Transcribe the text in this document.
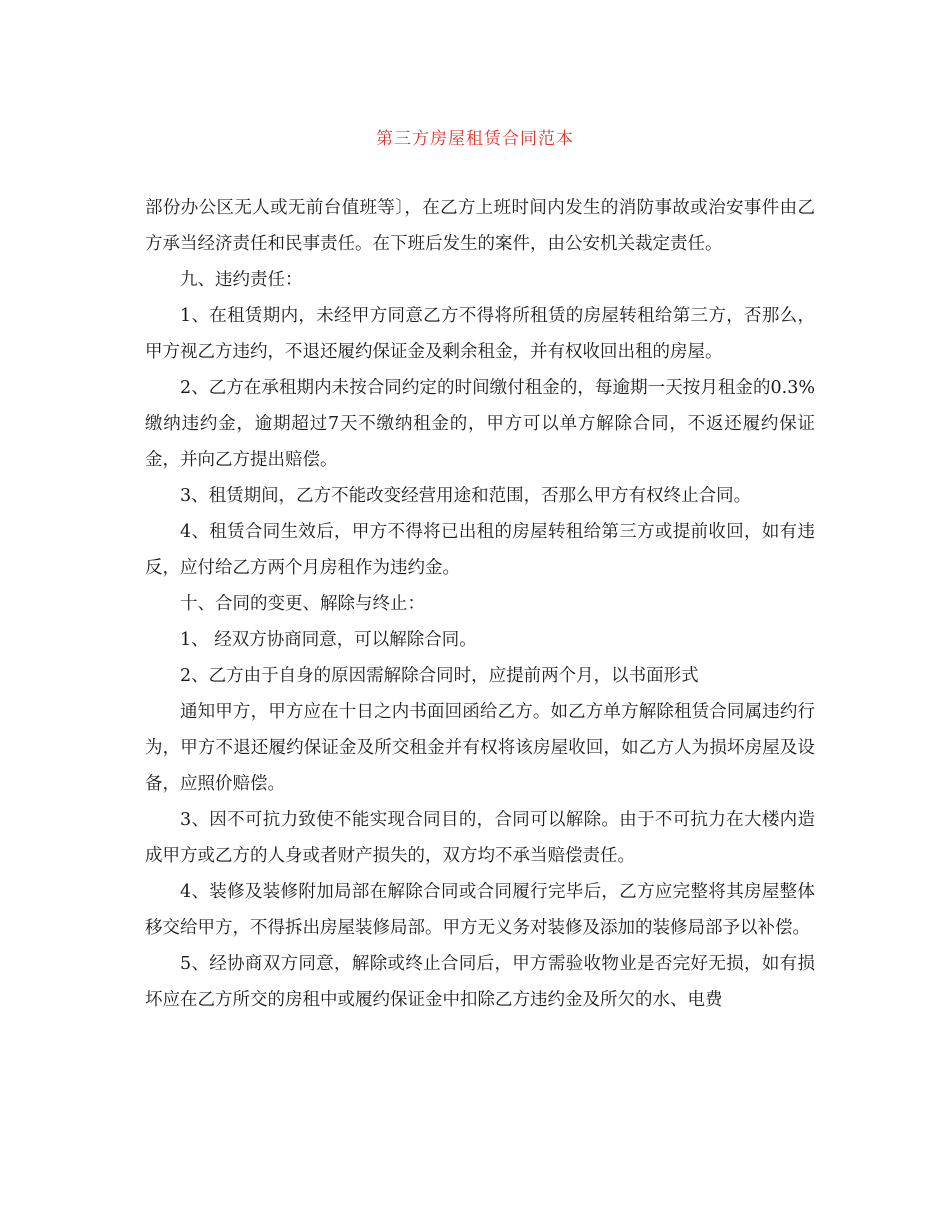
第三方房屋租赁合同范本

部份办公区无人或无前台值班等〕，在乙方上班时间内发生的消防事故或治安事件由乙方承当经济责任和民事责任。在下班后发生的案件，由公安机关裁定责任。

九、违约责任：

1、在租赁期内，未经甲方同意乙方不得将所租赁的房屋转租给第三方，否那么，甲方视乙方违约，不退还履约保证金及剩余租金，并有权收回出租的房屋。

2、乙方在承租期内未按合同约定的时间缴付租金的，每逾期一天按月租金的0.3%缴纳违约金，逾期超过7天不缴纳租金的，甲方可以单方解除合同，不返还履约保证金，并向乙方提出赔偿。

3、租赁期间，乙方不能改变经营用途和范围，否那么甲方有权终止合同。

4、租赁合同生效后，甲方不得将已出租的房屋转租给第三方或提前收回，如有违反，应付给乙方两个月房租作为违约金。

十、合同的变更、解除与终止：

1、 经双方协商同意，可以解除合同。

2、乙方由于自身的原因需解除合同时，应提前两个月，以书面形式

通知甲方，甲方应在十日之内书面回函给乙方。如乙方单方解除租赁合同属违约行为，甲方不退还履约保证金及所交租金并有权将该房屋收回，如乙方人为损坏房屋及设备，应照价赔偿。

3、因不可抗力致使不能实现合同目的，合同可以解除。由于不可抗力在大楼内造成甲方或乙方的人身或者财产损失的，双方均不承当赔偿责任。

4、装修及装修附加局部在解除合同或合同履行完毕后，乙方应完整将其房屋整体移交给甲方，不得拆出房屋装修局部。甲方无义务对装修及添加的装修局部予以补偿。

5、经协商双方同意，解除或终止合同后，甲方需验收物业是否完好无损，如有损坏应在乙方所交的房租中或履约保证金中扣除乙方违约金及所欠的水、电费
